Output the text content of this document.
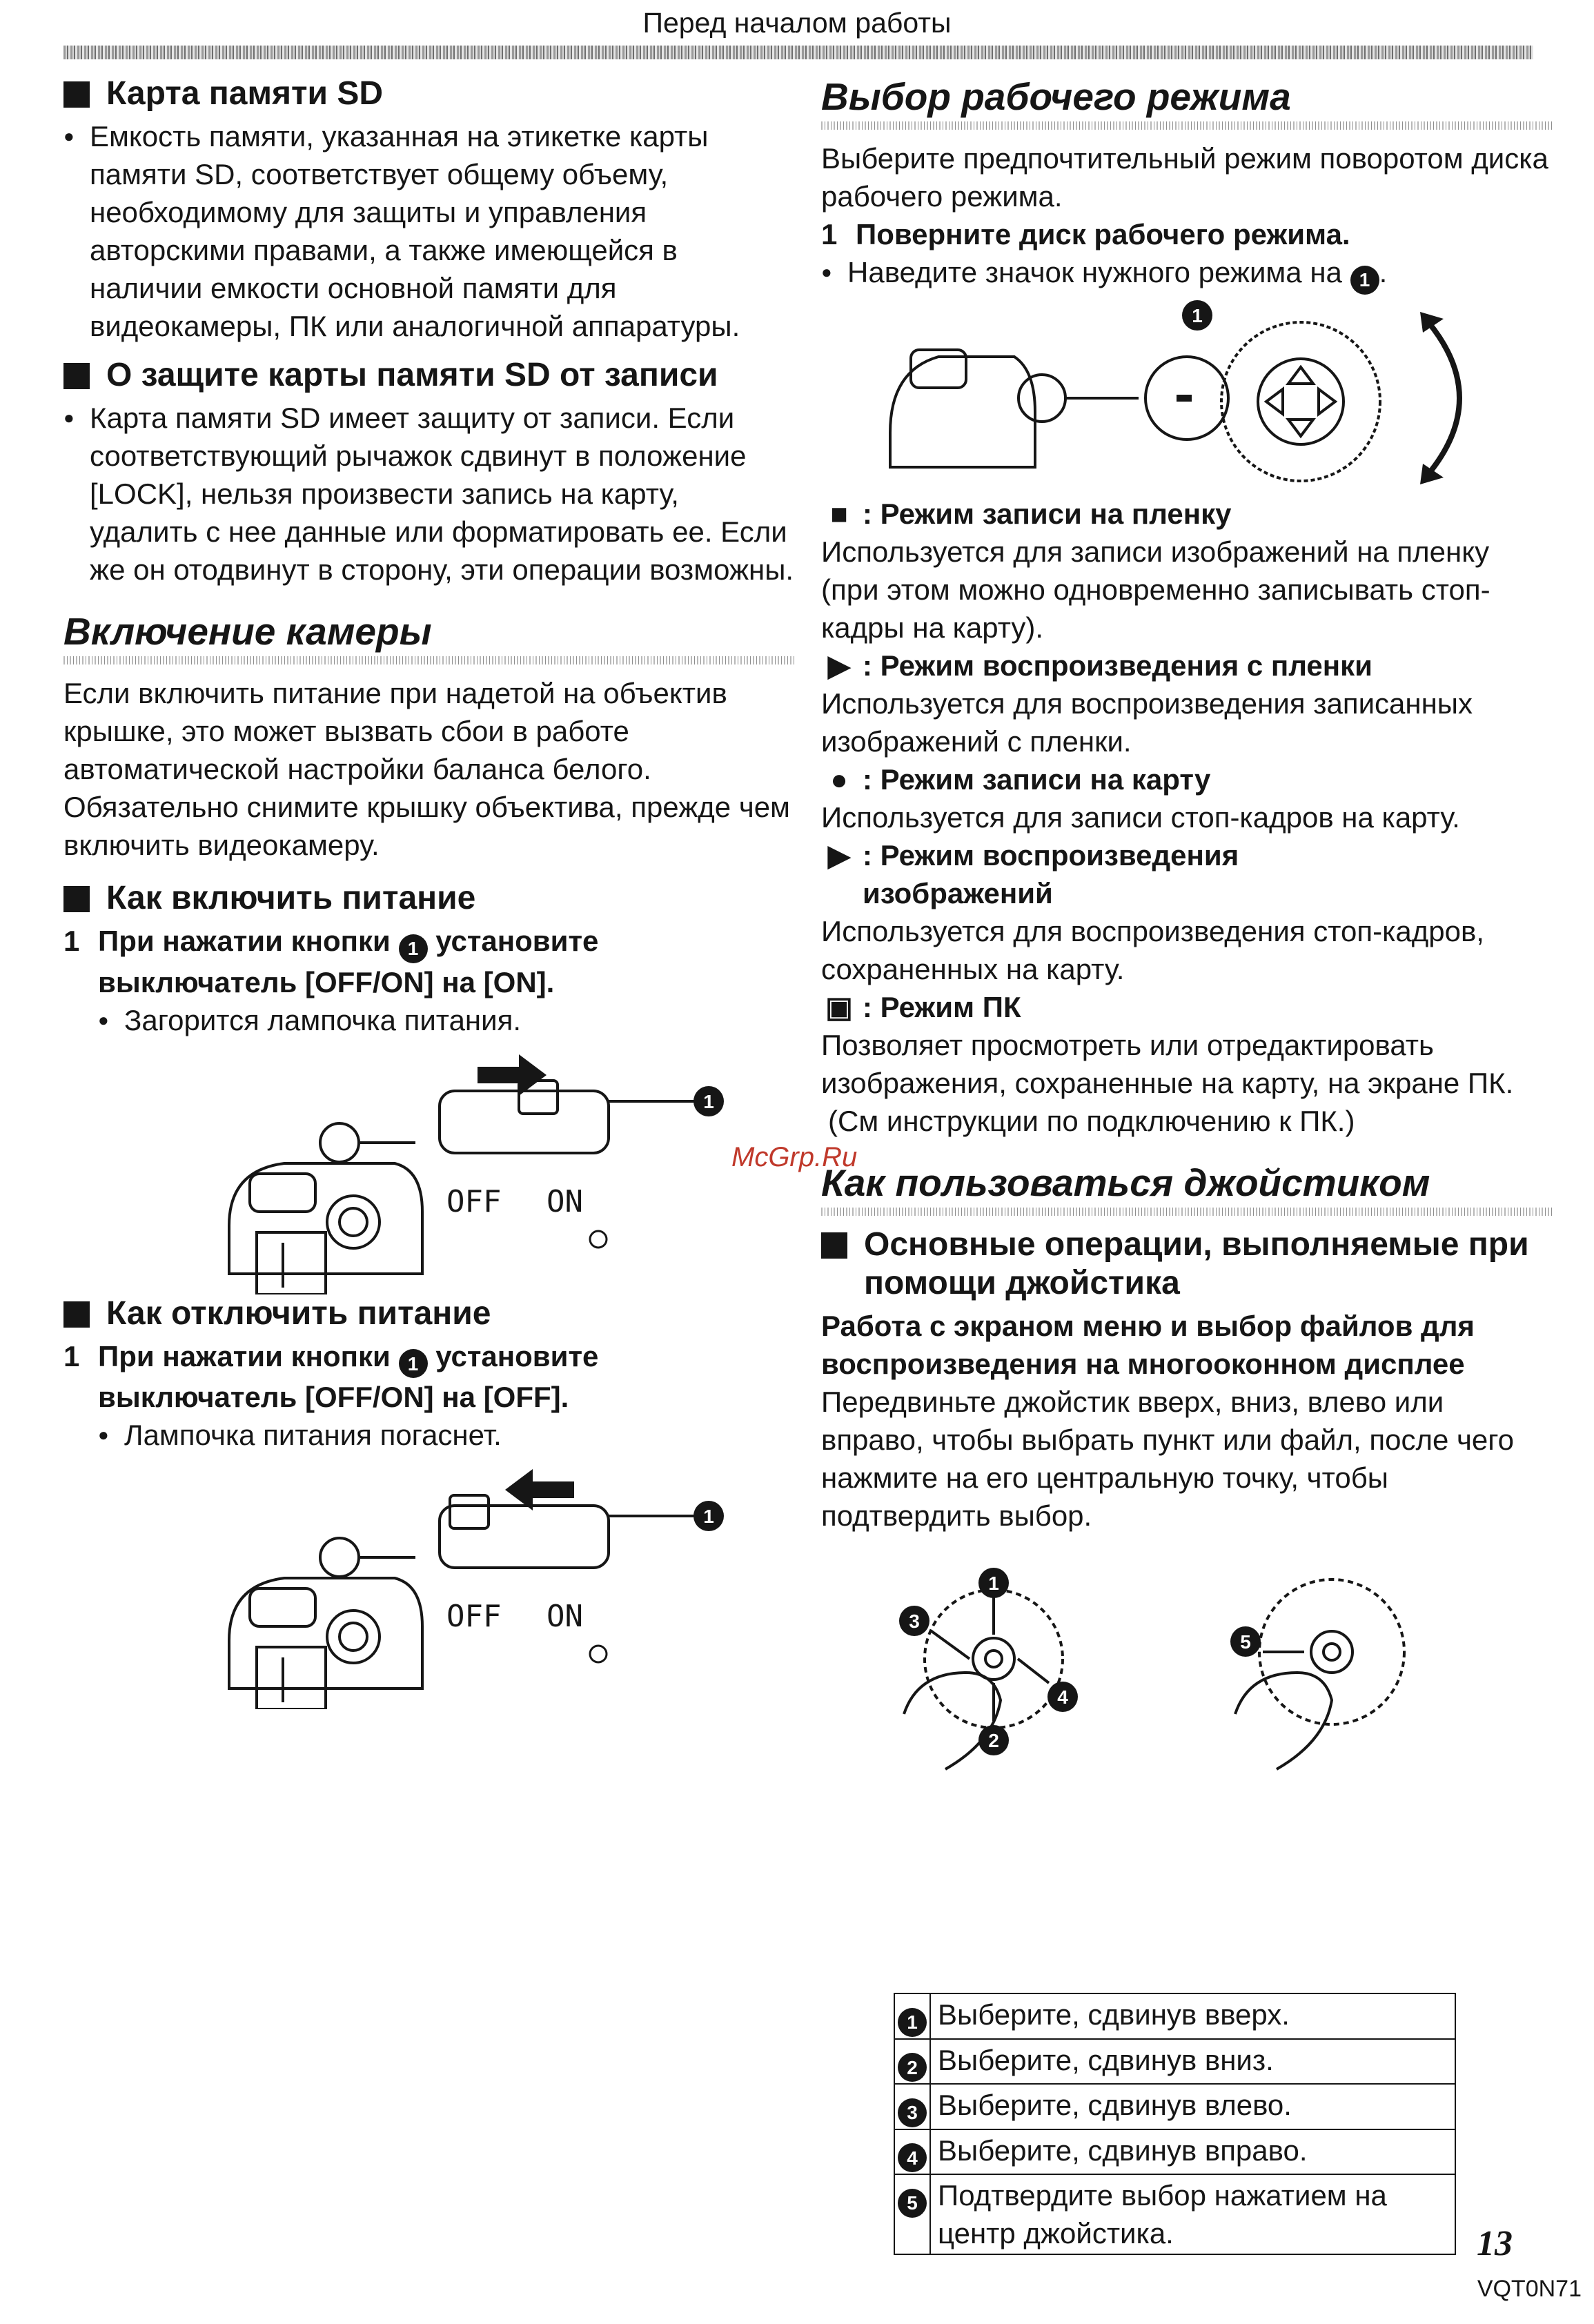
Перед началом работы
Карта памяти SD

● Емкость памяти, указанная на этикетке карты памяти SD, соответствует общему объему, необходимому для защиты и управления авторскими правами, а также имеющейся в наличии емкости основной памяти для видеокамеры, ПК или аналогичной аппаратуры.

О защите карты памяти SD от записи

● Карта памяти SD имеет защиту от записи. Если соответствующий рычажок сдвинут в положение [LOCK], нельзя произвести запись на карту, удалить с нее данные или форматировать ее. Если же он отодвинут в сторону, эти операции возможны.

Включение камеры

Если включить питание при надетой на объектив крышке, это может вызвать сбои в работе автоматической настройки баланса белого. Обязательно снимите крышку объектива, прежде чем включить видеокамеру.

Как включить питание

1 При нажатии кнопки 1 установите выключатель [OFF/ON] на [ON].

● Загорится лампочка питания.

1
OFF ON
Как отключить питание

1 При нажатии кнопки 1 установите выключатель [OFF/ON] на [OFF].

● Лампочка питания погаснет.

1
OFF ON
Выбор рабочего режима

Выберите предпочтительный режим поворотом диска рабочего режима.

1 Поверните диск рабочего режима.

● Наведите значок нужного режима на 1 .

1
■ : Режим записи на пленку
Используется для записи изображений на пленку (при этом можно одновременно записывать стоп-кадры на карту).
▶ : Режим воспроизведения с пленки
Используется для воспроизведения записанных изображений с пленки.
● : Режим записи на карту
Используется для записи стоп-кадров на карту.
▶ : Режим воспроизведения
изображений
Используется для воспроизведения стоп-кадров, сохраненных на карту.
▣ : Режим ПК
Позволяет просмотреть или отредактировать изображения, сохраненные на карту, на экране ПК.
(См инструкции по подключению к ПК.)
Как пользоваться джойстиком
Основные операции, выполняемые при помощи джойстика

Работа с экраном меню и выбор файлов для воспроизведения на многооконном дисплее

Передвиньте джойстик вверх, вниз, влево или вправо, чтобы выбрать пункт или файл, после чего нажмите на его центральную точку, чтобы подтвердить выбор.

1
2
3
4
5
1	Выберите, сдвинув вверх.
2	Выберите, сдвинув вниз.
3	Выберите, сдвинув влево.
4	Выберите, сдвинув вправо.
5	Подтвердите выбор нажатием на центр джойстика.
McGrp.Ru
13
VQT0N71
